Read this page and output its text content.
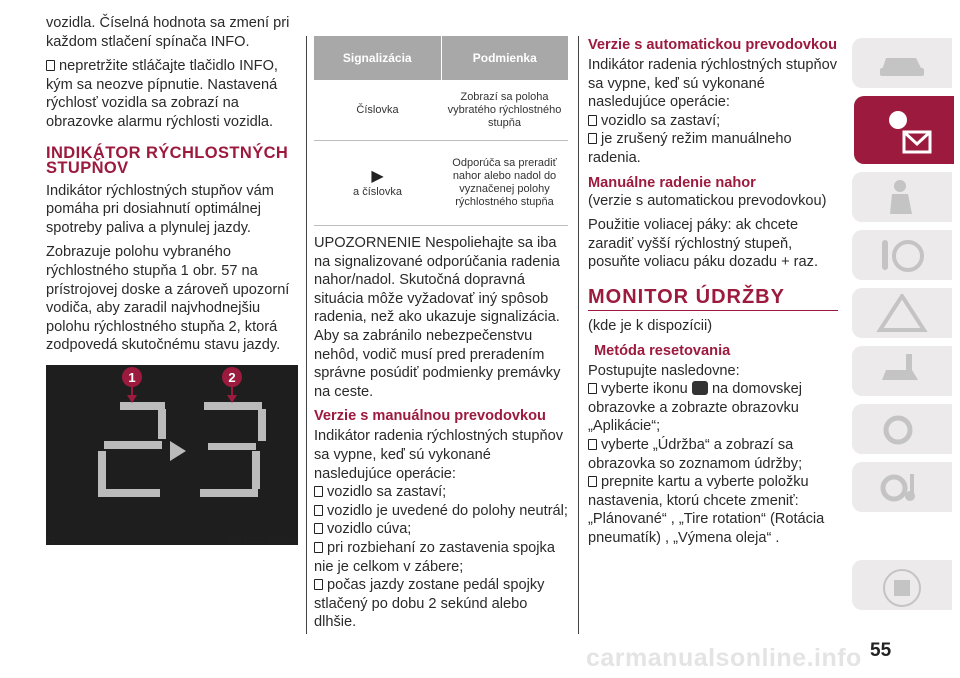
vozidla. Číselná hodnota sa zmení pri každom stlačení spínača INFO.

nepretržite stláčajte tlačidlo INFO, kým sa neozve pípnutie. Nastavená rýchlosť vozidla sa zobrazí na obrazovke alarmu rýchlosti vozidla.

INDIKÁTOR RÝCHLOSTNÝCH STUPŇOV

Indikátor rýchlostných stupňov vám pomáha pri dosiahnutí optimálnej spotreby paliva a plynulej jazdy.

Zobrazuje polohu vybraného rýchlostného stupňa 1 obr. 57 na prístrojovej doske a zároveň upozorní vodiča, aby zaradil najvhodnejšiu polohu rýchlostného stupňa 2, ktorá zodpovedá skutočnému stavu jazdy.

1	2
57	05210102-12A-001
Signalizácia	Podmienka
Číslovka	Zobrazí sa poloha vybratého rýchlostného stupňa

▶
a číslovka	Odporúča sa preradiť nahor alebo nadol do vyznačenej polohy rýchlostného stupňa

UPOZORNENIE Nespoliehajte sa iba na signalizované odporúčania radenia nahor/nadol. Skutočná dopravná situácia môže vyžadovať iný spôsob radenia, než ako ukazuje signalizácia. Aby sa zabránilo nebezpečenstvu nehôd, vodič musí pred preradením správne posúdiť podmienky premávky na ceste.

Verzie s manuálnou prevodovkou

Indikátor radenia rýchlostných stupňov sa vypne, keď sú vykonané nasledujúce operácie:

vozidlo sa zastaví;

vozidlo je uvedené do polohy neutrál;

vozidlo cúva;

pri rozbiehaní zo zastavenia spojka nie je celkom v zábere;

počas jazdy zostane pedál spojky stlačený po dobu 2 sekúnd alebo dlhšie.

Verzie s automatickou prevodovkou

Indikátor radenia rýchlostných stupňov sa vypne, keď sú vykonané nasledujúce operácie:

vozidlo sa zastaví;

je zrušený režim manuálneho radenia.

Manuálne radenie nahor

(verzie s automatickou prevodovkou)

Použitie voliacej páky: ak chcete zaradiť vyšší rýchlostný stupeň, posuňte voliacu páku dozadu + raz.

MONITOR ÚDRŽBY

(kde je k dispozícii)

Metóda resetovania

Postupujte nasledovne:

vyberte ikonu na domovskej obrazovke a zobrazte obrazovku „Aplikácie“;

vyberte „Údržba“ a zobrazí sa obrazovka so zoznamom údržby;

prepnite kartu a vyberte položku nastavenia, ktorú chcete zmeniť: „Plánované“ , „Tire rotation“ (Rotácia pneumatík) , „Výmena oleja“ .

55
carmanualsonline.info
